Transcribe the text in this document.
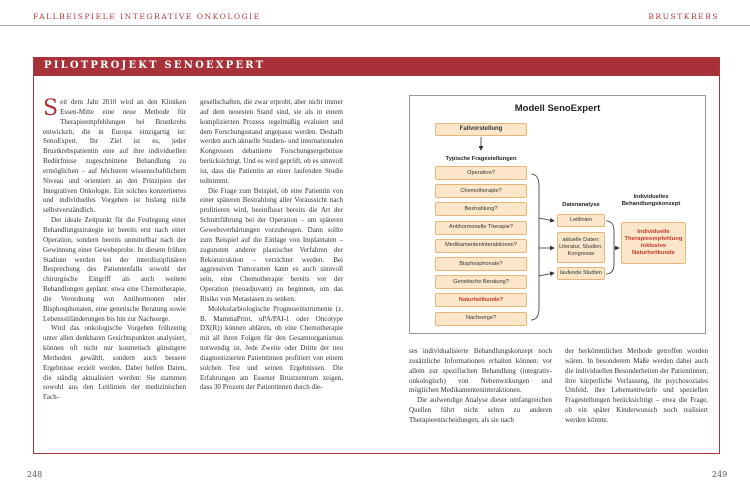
FALLBEISPIELE INTEGRATIVE ONKOLOGIE	BRUSTKREBS
PILOTPROJEKT SENOEXPERT

Seit dem Jahr 2010 wird an den Kliniken Essen-Mitte eine neue Methode für Therapieempfehlungen bei Brustkrebs entwickelt, die in Europa einzigartig ist: SenoExpert. Ihr Ziel ist es, jeder Brustkrebspatientin eine auf ihre individuellen Bedürfnisse zugeschnittene Behandlung zu ermöglichen – auf höchstem wissenschaftlichem Niveau und orientiert an den Prinzipien der Integrativen Onkologie. Ein solches konzertiertes und individuelles Vorgehen ist bislang nicht selbstverständlich.

Der ideale Zeitpunkt für die Festlegung einer Behandlungsstrategie ist bereits erst nach einer Operation, sondern bereits unmittelbar nach der Gewinnung einer Gewebeprobe. In diesem frühen Stadium werden bei der interdisziplinären Besprechung des Patientenfalls sowohl der chirurgische Eingriff als auch weitere Behandlungen geplant: etwa eine Chemotherapie, die Verordnung von Antihormonen oder Bisphosphonaten, eine genetische Beratung sowie Lebensstiländerungen bis hin zur Nachsorge.

Wird das onkologische Vorgehen frühzeitig unter allen denkbaren Gesichtspunkten analysiert, können oft nicht nur kosmetisch günstigere Methoden gewählt, sondern auch bessere Ergebnisse erzielt werden. Dabei helfen Daten, die ständig aktualisiert werden: Sie stammen sowohl aus den Leitlinien der medizinischen Fach-

gesellschaften, die zwar erprobt, aber nicht immer auf dem neuesten Stand sind, sie als in einem komplizierten Prozess regelmäßig evaluiert und dem Forschungsstand angepasst werden. Deshalb werden auch aktuelle Studien- und internationalen Kongressen debattierte Forschungsergebnisse berücksichtigt. Und es wird geprüft, ob es sinnvoll ist, dass die Patientin an einer laufenden Studie teilnimmt.

Die Frage zum Beispiel, ob eine Patientin von einer späteren Bestrahlung aller Voraussicht nach profitieren wird, beeinflusst bereits die Art der Schnittführung bei der Operation – um späteren Gewebsverhärtungen vorzubeugen. Dann sollte zum Beispiel auf die Einlage von Implantaten – zugunsten anderer plastischer Verfahren der Rekonstruktion – verzichtet werden. Bei aggressiven Tumorarten kann es auch sinnvoll sein, eine Chemotherapie bereits vor der Operation (neoadjuvant) zu beginnen, um das Risiko von Metastasen zu senken.

Molekularbiologische Prognoseinstrumente (z. B. MammaPrint, uPA/PAI-1 oder Oncotype DX(R)) können ablären, ob eine Chemotherapie mit all ihren Folgen für den Gesamtorganismus notwendig ist. Jede Zweite oder Dritte der neu diagnostizierten Patientinnen profitiert von einem solchen Test und seinen Ergebnissen. Die Erfahrungen am Essener Brustzentrum zeigen, dass 30 Prozent der Patientinnen durch die-

ses individualisierte Behandlungskonzept noch zusätzliche Informationen erhalten können: vor allem zur spezifischen Behandlung (integrativ-onkologisch) von Nebenwirkungen und möglichen Medikamenteninteraktionen.

Die aufwendige Analyse dieser umfangreichen Quellen führt nicht selten zu anderen Therapieentscheidungen, als sie nach

der herkömmlichen Methode getroffen worden wären. In besonderem Maße werden dabei auch die individuellen Besonderheiten der Patientinnen, ihre körperliche Verfassung, ihr psychosoziales Umfeld, ihre Lebensentwürfe und speziellen Fragestellungen berücksichtigt – etwa die Frage, ob ein später Kinderwunsch noch realisiert werden könnte.

Modell SenoExpert
Fallvorstellung
Typische Fragestellungen
Operation?
Chemotherapie?
Bestrahlung?
Antihormonelle Therapie?
Medikamenteninteraktionen?
Bisphosphonate?
Genetische Beratung?
Naturheilkunde?
Nachsorge?
Datenanalyse
Leitlinien
aktuelle Daten: Literatur, Studien, Kongresse
laufende Studien
Individuelles Behandlungskonzept
Individuelle Therapieempfehlung inklusive Naturheilkunde
248	249
